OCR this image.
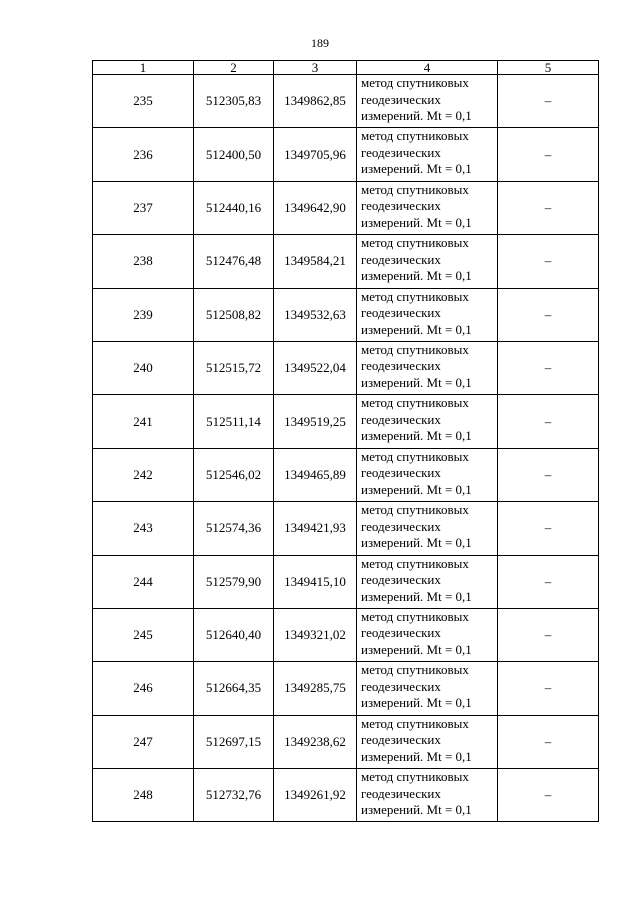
189
1	2	3	4	5
235	512305,83	1349862,85	метод спутниковых
геодезических
измерений. Mt = 0,1	–
236	512400,50	1349705,96	метод спутниковых
геодезических
измерений. Mt = 0,1	–
237	512440,16	1349642,90	метод спутниковых
геодезических
измерений. Mt = 0,1	–
238	512476,48	1349584,21	метод спутниковых
геодезических
измерений. Mt = 0,1	–
239	512508,82	1349532,63	метод спутниковых
геодезических
измерений. Mt = 0,1	–
240	512515,72	1349522,04	метод спутниковых
геодезических
измерений. Mt = 0,1	–
241	512511,14	1349519,25	метод спутниковых
геодезических
измерений. Mt = 0,1	–
242	512546,02	1349465,89	метод спутниковых
геодезических
измерений. Mt = 0,1	–
243	512574,36	1349421,93	метод спутниковых
геодезических
измерений. Mt = 0,1	–
244	512579,90	1349415,10	метод спутниковых
геодезических
измерений. Mt = 0,1	–
245	512640,40	1349321,02	метод спутниковых
геодезических
измерений. Mt = 0,1	–
246	512664,35	1349285,75	метод спутниковых
геодезических
измерений. Mt = 0,1	–
247	512697,15	1349238,62	метод спутниковых
геодезических
измерений. Mt = 0,1	–
248	512732,76	1349261,92	метод спутниковых
геодезических
измерений. Mt = 0,1	–
